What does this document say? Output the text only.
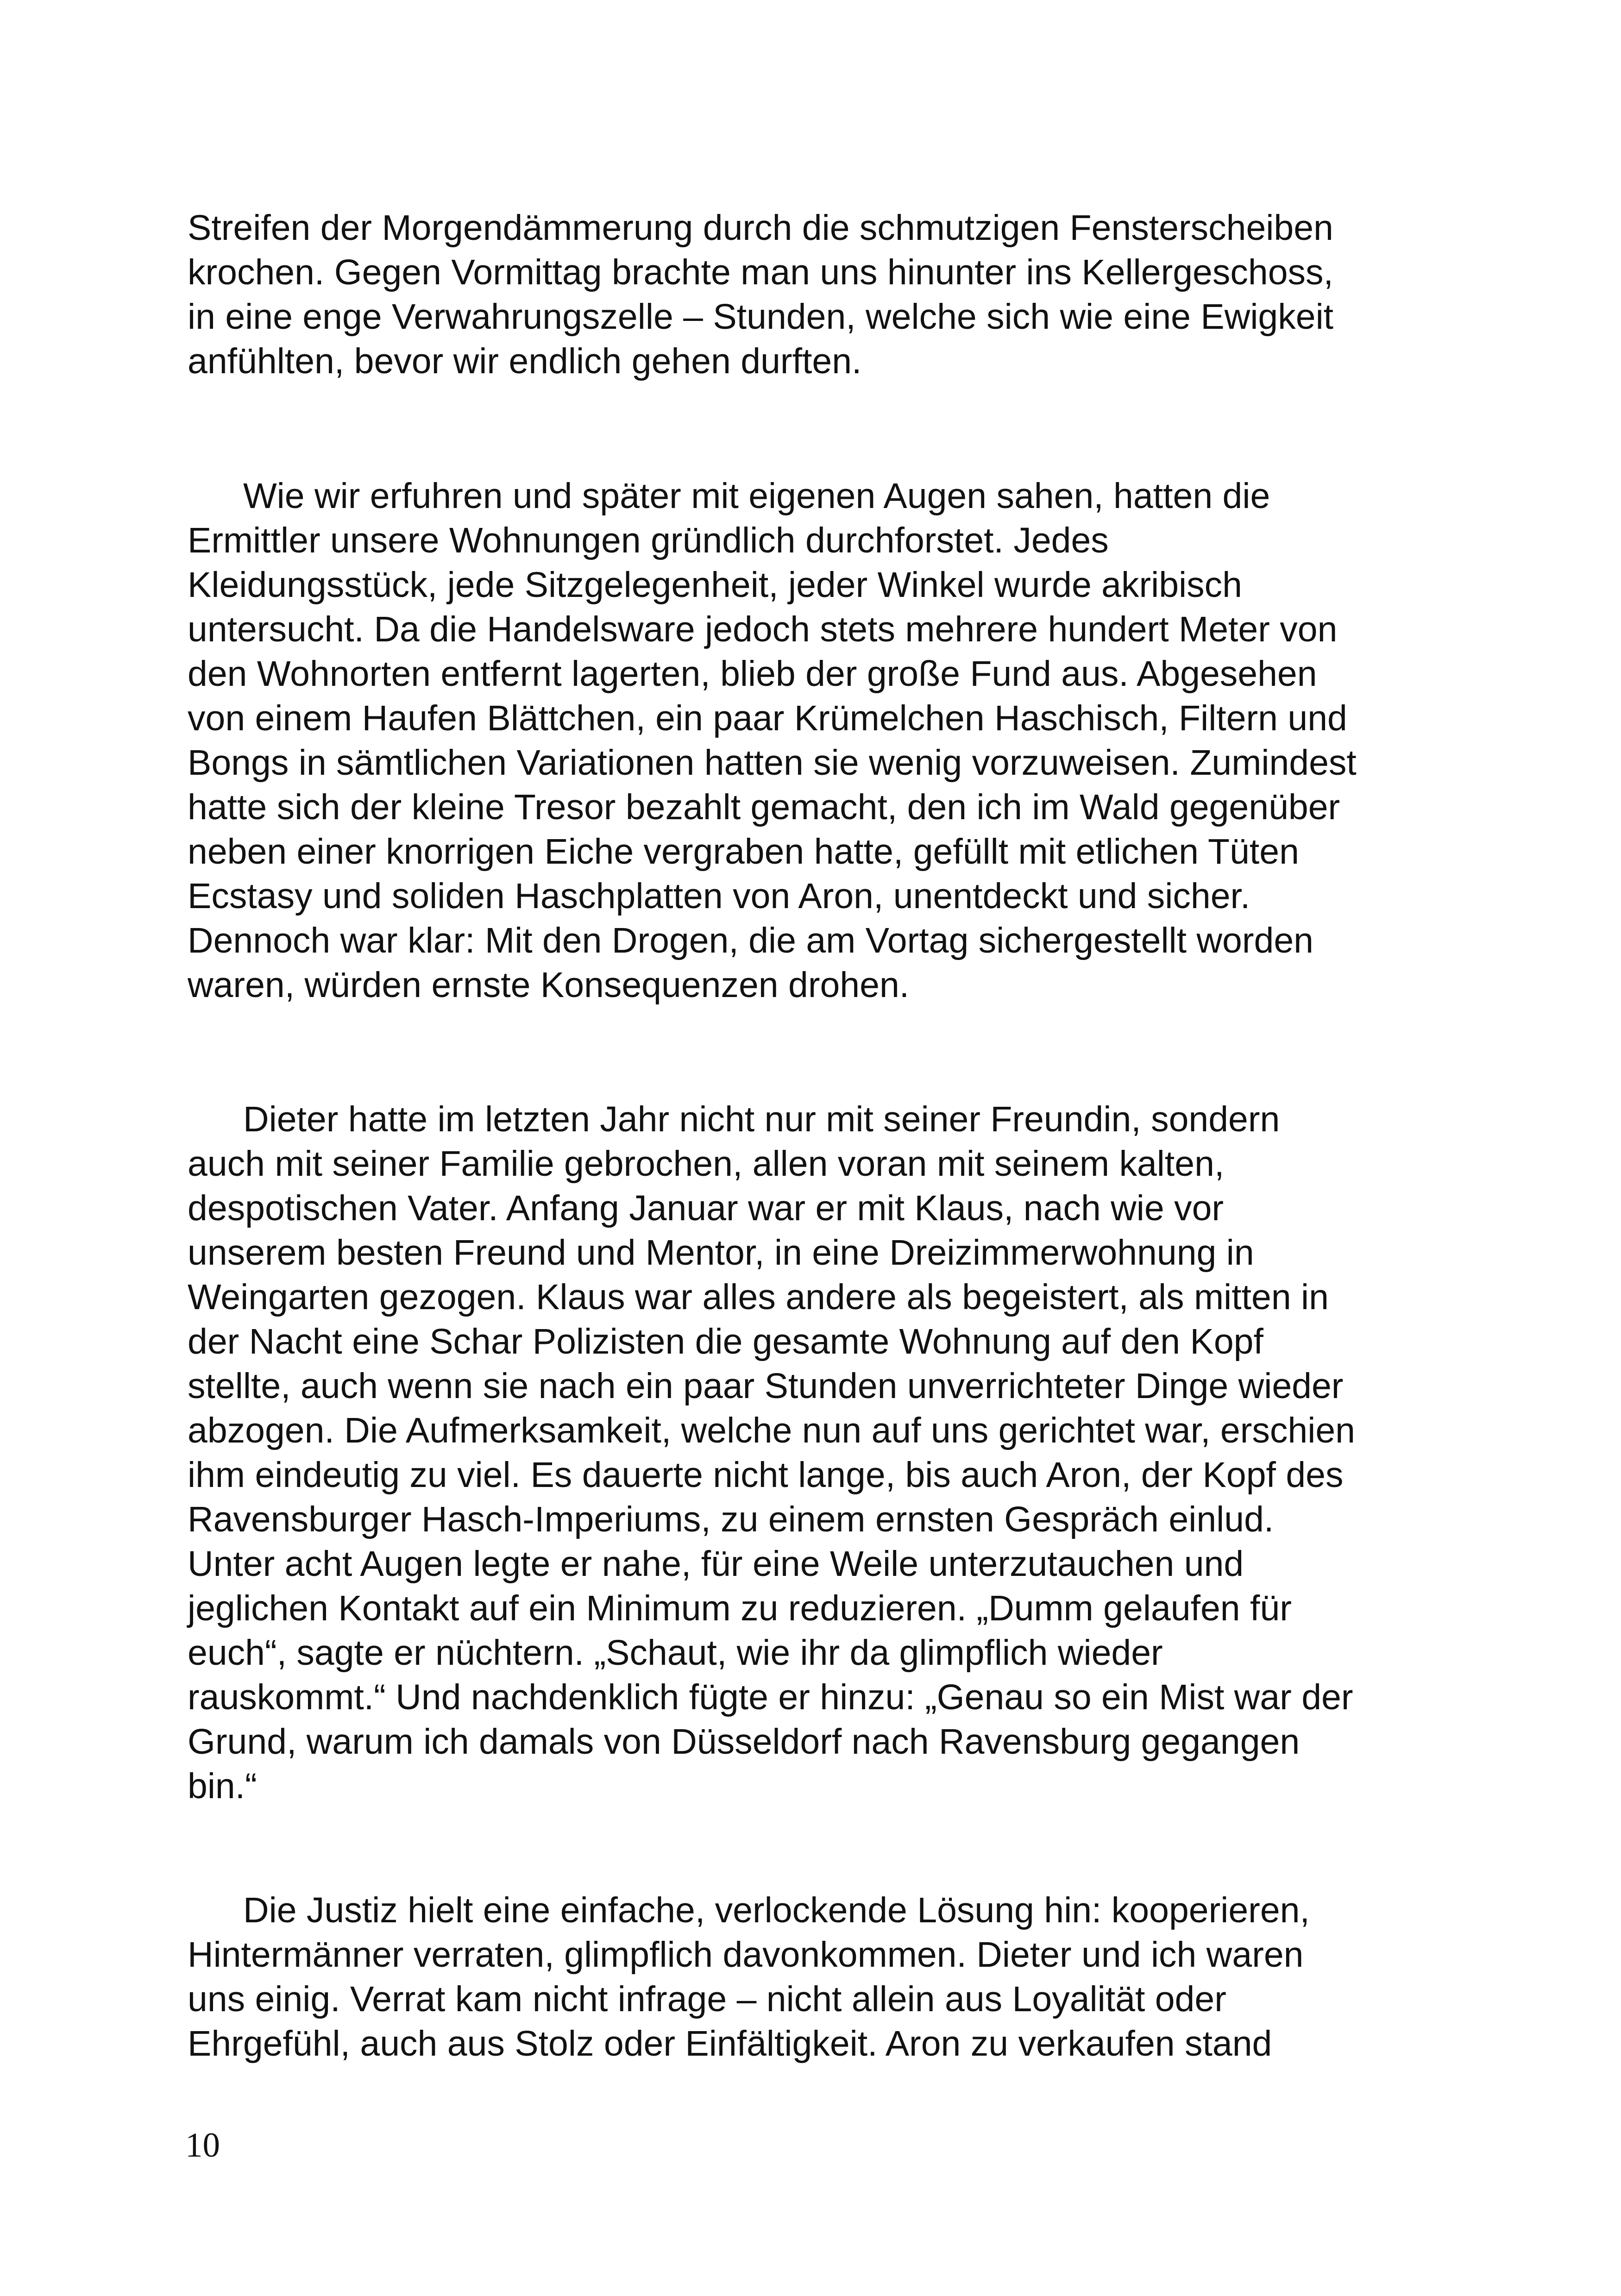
Streifen der Morgendämmerung durch die schmutzigen Fensterscheiben
krochen. Gegen Vormittag brachte man uns hinunter ins Kellergeschoss,
in eine enge Verwahrungszelle – Stunden, welche sich wie eine Ewigkeit
anfühlten, bevor wir endlich gehen durften.
Wie wir erfuhren und später mit eigenen Augen sahen, hatten die
Ermittler unsere Wohnungen gründlich durchforstet. Jedes
Kleidungsstück, jede Sitzgelegenheit, jeder Winkel wurde akribisch
untersucht. Da die Handelsware jedoch stets mehrere hundert Meter von
den Wohnorten entfernt lagerten, blieb der große Fund aus. Abgesehen
von einem Haufen Blättchen, ein paar Krümelchen Haschisch, Filtern und
Bongs in sämtlichen Variationen hatten sie wenig vorzuweisen. Zumindest
hatte sich der kleine Tresor bezahlt gemacht, den ich im Wald gegenüber
neben einer knorrigen Eiche vergraben hatte, gefüllt mit etlichen Tüten
Ecstasy und soliden Haschplatten von Aron, unentdeckt und sicher.
Dennoch war klar: Mit den Drogen, die am Vortag sichergestellt worden
waren, würden ernste Konsequenzen drohen.
Dieter hatte im letzten Jahr nicht nur mit seiner Freundin, sondern
auch mit seiner Familie gebrochen, allen voran mit seinem kalten,
despotischen Vater. Anfang Januar war er mit Klaus, nach wie vor
unserem besten Freund und Mentor, in eine Dreizimmerwohnung in
Weingarten gezogen. Klaus war alles andere als begeistert, als mitten in
der Nacht eine Schar Polizisten die gesamte Wohnung auf den Kopf
stellte, auch wenn sie nach ein paar Stunden unverrichteter Dinge wieder
abzogen. Die Aufmerksamkeit, welche nun auf uns gerichtet war, erschien
ihm eindeutig zu viel. Es dauerte nicht lange, bis auch Aron, der Kopf des
Ravensburger Hasch-Imperiums, zu einem ernsten Gespräch einlud.
Unter acht Augen legte er nahe, für eine Weile unterzutauchen und
jeglichen Kontakt auf ein Minimum zu reduzieren. „Dumm gelaufen für
euch“, sagte er nüchtern. „Schaut, wie ihr da glimpflich wieder
rauskommt.“ Und nachdenklich fügte er hinzu: „Genau so ein Mist war der
Grund, warum ich damals von Düsseldorf nach Ravensburg gegangen
bin.“
Die Justiz hielt eine einfache, verlockende Lösung hin: kooperieren,
Hintermänner verraten, glimpflich davonkommen. Dieter und ich waren
uns einig. Verrat kam nicht infrage – nicht allein aus Loyalität oder
Ehrgefühl, auch aus Stolz oder Einfältigkeit. Aron zu verkaufen stand
10
